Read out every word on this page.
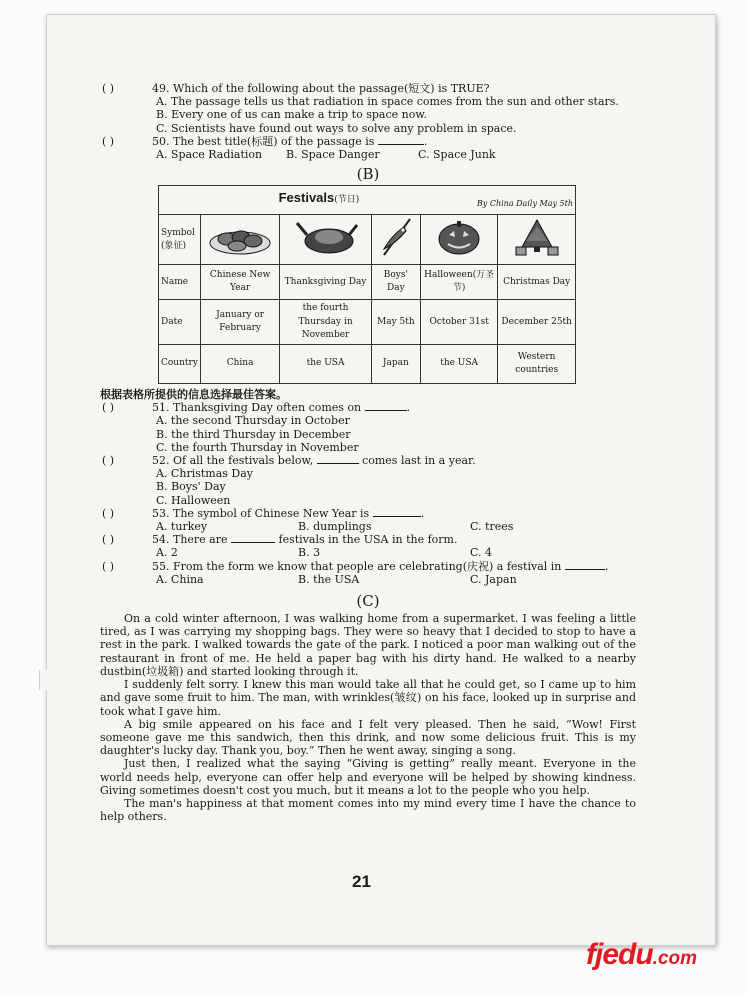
( )	49. Which of the following about the passage(短文) is TRUE?
A. The passage tells us that radiation in space comes from the sun and other stars.
B. Every one of us can make a trip to space now.
C. Scientists have found out ways to solve any problem in space.
( )	50. The best title(标题) of the passage is	.
A. Space Radiation	B. Space Danger	C. Space Junk
(B)
Festivals(节日) By China Daily May 5th					

Symbol
(象征)					
Name	Chinese New Year	Thanksgiving Day	Boys' Day	Halloween(万圣节)	Christmas Day
Date	January or February	the fourth Thursday in November	May 5th	October 31st	December 25th
Country	China	the USA	Japan	the USA	Western countries
根据表格所提供的信息选择最佳答案。
( )	51. Thanksgiving Day often comes on	.
A. the second Thursday in October
B. the third Thursday in December
C. the fourth Thursday in November
( )	52. Of all the festivals below,	comes last in a year.
A. Christmas Day
B. Boys' Day
C. Halloween
( )	53. The symbol of Chinese New Year is	.
A. turkey	B. dumplings	C. trees
( )	54. There are	festivals in the USA in the form.
A. 2	B. 3	C. 4
( )	55. From the form we know that people are celebrating(庆祝) a festival in	.
A. China	B. the USA	C. Japan
(C)

On a cold winter afternoon, I was walking home from a supermarket. I was feeling a little tired, as I was carrying my shopping bags. They were so heavy that I decided to stop to have a rest in the park. I walked towards the gate of the park. I noticed a poor man walking out of the restaurant in front of me. He held a paper bag with his dirty hand. He walked to a nearby dustbin(垃圾箱) and started looking through it.

I suddenly felt sorry. I knew this man would take all that he could get, so I came up to him and gave some fruit to him. The man, with wrinkles(皱纹) on his face, looked up in surprise and took what I gave him.

A big smile appeared on his face and I felt very pleased. Then he said, “Wow! First someone gave me this sandwich, then this drink, and now some delicious fruit. This is my daughter's lucky day. Thank you, boy.” Then he went away, singing a song.

Just then, I realized what the saying “Giving is getting” really meant. Everyone in the world needs help, everyone can offer help and everyone will be helped by showing kindness. Giving sometimes doesn't cost you much, but it means a lot to the people who you help.

The man's happiness at that moment comes into my mind every time I have the chance to help others.

21
fjedu.com
